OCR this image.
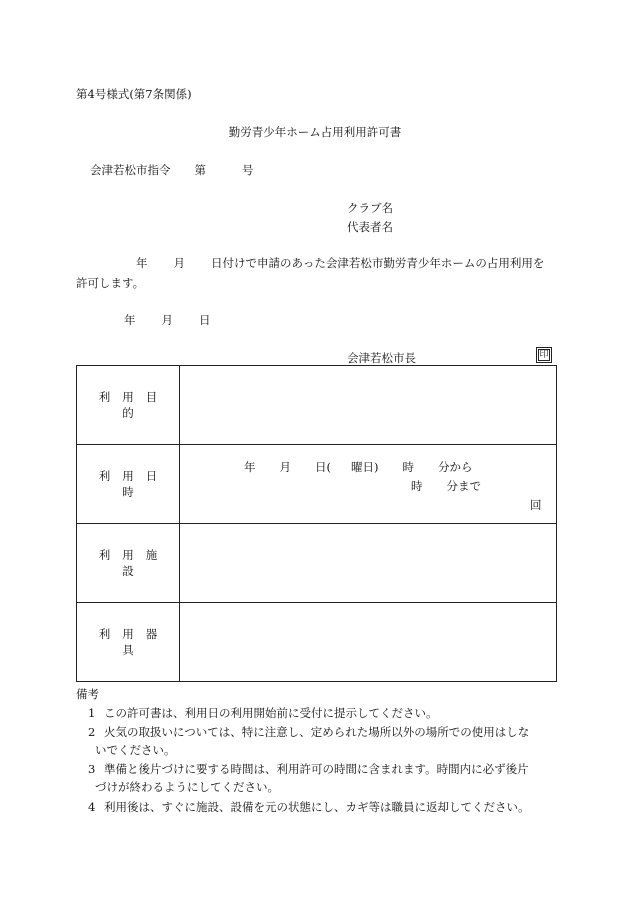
第4号様式(第7条関係)
勤労青少年ホーム占用利用許可書
会津若松市指令 第	号
クラブ名
代表者名
年 月 日付けで申請のあった会津若松市勤労青少年ホームの占用利用を
許可します。
年 月 日
会津若松市長	印
利用目的	
利用日時	年 月 日( 曜日) 時 分から
時 分まで
回

利用施設	
利用器具	
備考
1 この許可書は、利用日の利用開始前に受付に提示してください。
2 火気の取扱いについては、特に注意し、定められた場所以外の場所での使用はしな
いでください。
3 準備と後片づけに要する時間は、利用許可の時間に含まれます。時間内に必ず後片
づけが終わるようにしてください。
4 利用後は、すぐに施設、設備を元の状態にし、カギ等は職員に返却してください。
